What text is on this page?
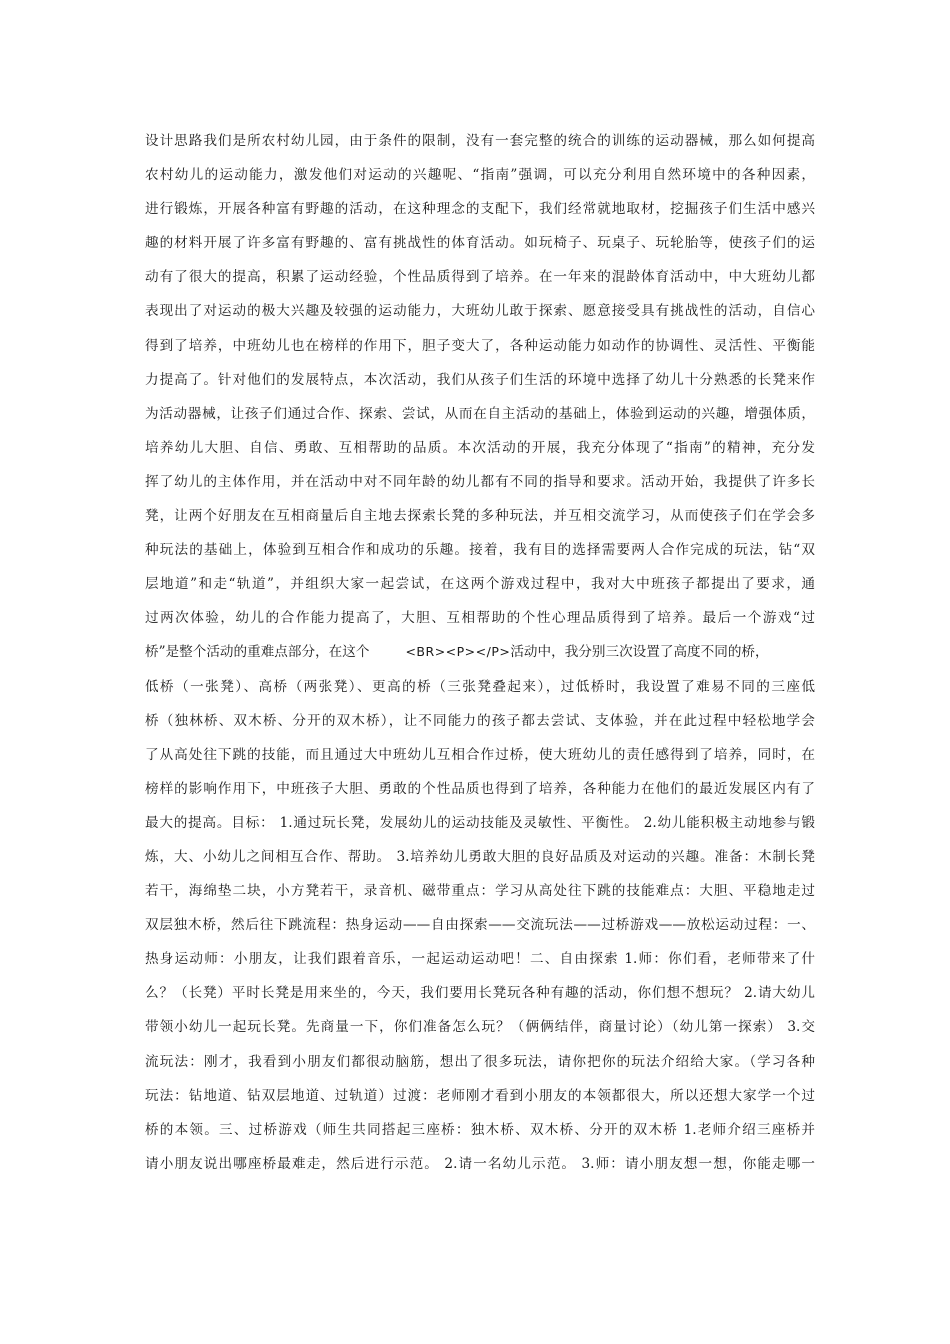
设计思路我们是所农村幼儿园，由于条件的限制，没有一套完整的统合的训练的运动器械，那么如何提高
农村幼儿的运动能力，激发他们对运动的兴趣呢、“指南”强调，可以充分利用自然环境中的各种因素，
进行锻炼，开展各种富有野趣的活动，在这种理念的支配下，我们经常就地取材，挖掘孩子们生活中感兴
趣的材料开展了许多富有野趣的、富有挑战性的体育活动。如玩椅子、玩桌子、玩轮胎等，使孩子们的运
动有了很大的提高，积累了运动经验，个性品质得到了培养。在一年来的混龄体育活动中，中大班幼儿都
表现出了对运动的极大兴趣及较强的运动能力，大班幼儿敢于探索、愿意接受具有挑战性的活动，自信心
得到了培养，中班幼儿也在榜样的作用下，胆子变大了，各种运动能力如动作的协调性、灵活性、平衡能
力提高了。针对他们的发展特点，本次活动，我们从孩子们生活的环境中选择了幼儿十分熟悉的长凳来作
为活动器械，让孩子们通过合作、探索、尝试，从而在自主活动的基础上，体验到运动的兴趣，增强体质，
培养幼儿大胆、自信、勇敢、互相帮助的品质。本次活动的开展，我充分体现了“指南”的精神，充分发
挥了幼儿的主体作用，并在活动中对不同年龄的幼儿都有不同的指导和要求。活动开始，我提供了许多长
凳，让两个好朋友在互相商量后自主地去探索长凳的多种玩法，并互相交流学习，从而使孩子们在学会多
种玩法的基础上，体验到互相合作和成功的乐趣。接着，我有目的选择需要两人合作完成的玩法，钻“双
层地道”和走“轨道”，并组织大家一起尝试，在这两个游戏过程中，我对大中班孩子都提出了要求，通
过两次体验，幼儿的合作能力提高了，大胆、互相帮助的个性心理品质得到了培养。最后一个游戏“过
桥”是整个活动的重难点部分，在这个	<BR><P></P>活动中，我分别三次设置了高度不同的桥，
低桥（一张凳）、高桥（两张凳）、更高的桥（三张凳叠起来），过低桥时，我设置了难易不同的三座低
桥（独林桥、双木桥、分开的双木桥），让不同能力的孩子都去尝试、支体验，并在此过程中轻松地学会
了从高处往下跳的技能，而且通过大中班幼儿互相合作过桥，使大班幼儿的责任感得到了培养，同时，在
榜样的影响作用下，中班孩子大胆、勇敢的个性品质也得到了培养，各种能力在他们的最近发展区内有了
最大的提高。目标： 1.通过玩长凳，发展幼儿的运动技能及灵敏性、平衡性。 2.幼儿能积极主动地参与锻
炼，大、小幼儿之间相互合作、帮助。 3.培养幼儿勇敢大胆的良好品质及对运动的兴趣。准备：木制长凳
若干，海绵垫二块，小方凳若干，录音机、磁带重点：学习从高处往下跳的技能难点：大胆、平稳地走过
双层独木桥，然后往下跳流程：热身运动——自由探索——交流玩法——过桥游戏——放松运动过程：一、
热身运动师：小朋友，让我们跟着音乐，一起运动运动吧！二、自由探索 1.师：你们看，老师带来了什
么？（长凳）平时长凳是用来坐的，今天，我们要用长凳玩各种有趣的活动，你们想不想玩？ 2.请大幼儿
带领小幼儿一起玩长凳。先商量一下，你们准备怎么玩？（俩俩结伴，商量讨论）（幼儿第一探索） 3.交
流玩法：刚才，我看到小朋友们都很动脑筋，想出了很多玩法，请你把你的玩法介绍给大家。（学习各种
玩法：钻地道、钻双层地道、过轨道）过渡：老师刚才看到小朋友的本领都很大，所以还想大家学一个过
桥的本领。三、过桥游戏（师生共同搭起三座桥：独木桥、双木桥、分开的双木桥 1.老师介绍三座桥并
请小朋友说出哪座桥最难走，然后进行示范。 2.请一名幼儿示范。 3.师：请小朋友想一想，你能走哪一
